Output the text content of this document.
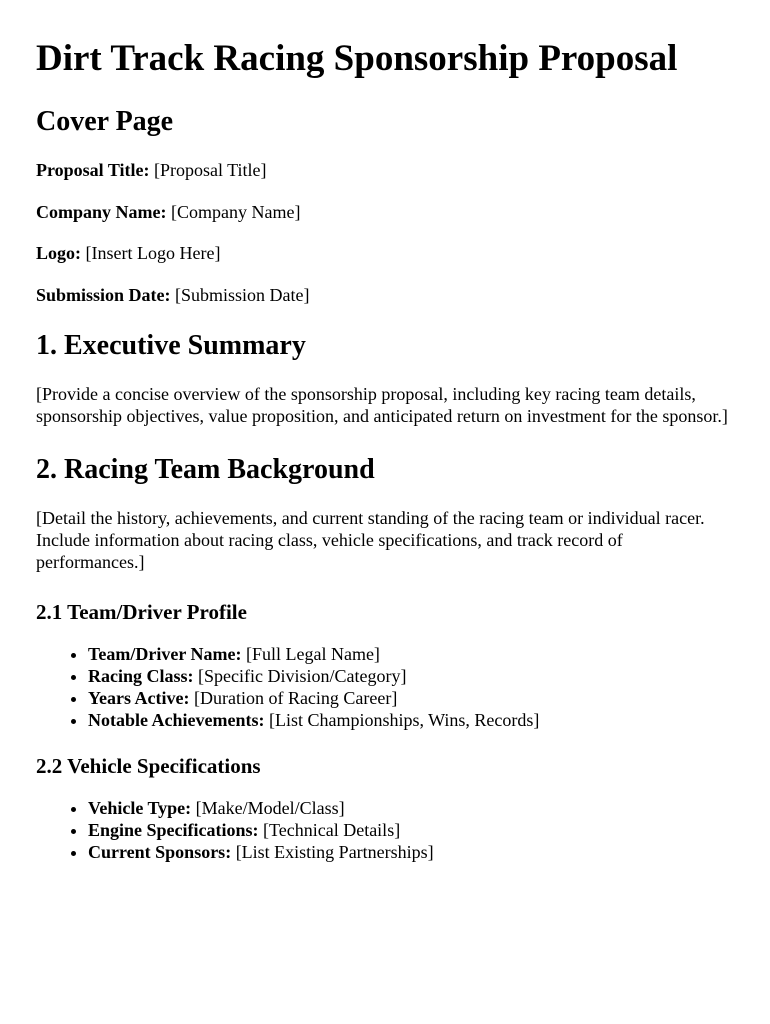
Dirt Track Racing Sponsorship Proposal
Cover Page

Proposal Title: [Proposal Title]

Company Name: [Company Name]

Logo: [Insert Logo Here]

Submission Date: [Submission Date]

1. Executive Summary

[Provide a concise overview of the sponsorship proposal, including key racing team details, sponsorship objectives, value proposition, and anticipated return on investment for the sponsor.]

2. Racing Team Background

[Detail the history, achievements, and current standing of the racing team or individual racer. Include information about racing class, vehicle specifications, and track record of performances.]

2.1 Team/Driver Profile
• Team/Driver Name: [Full Legal Name]
• Racing Class: [Specific Division/Category]
• Years Active: [Duration of Racing Career]
• Notable Achievements: [List Championships, Wins, Records]
2.2 Vehicle Specifications
• Vehicle Type: [Make/Model/Class]
• Engine Specifications: [Technical Details]
• Current Sponsors: [List Existing Partnerships]
